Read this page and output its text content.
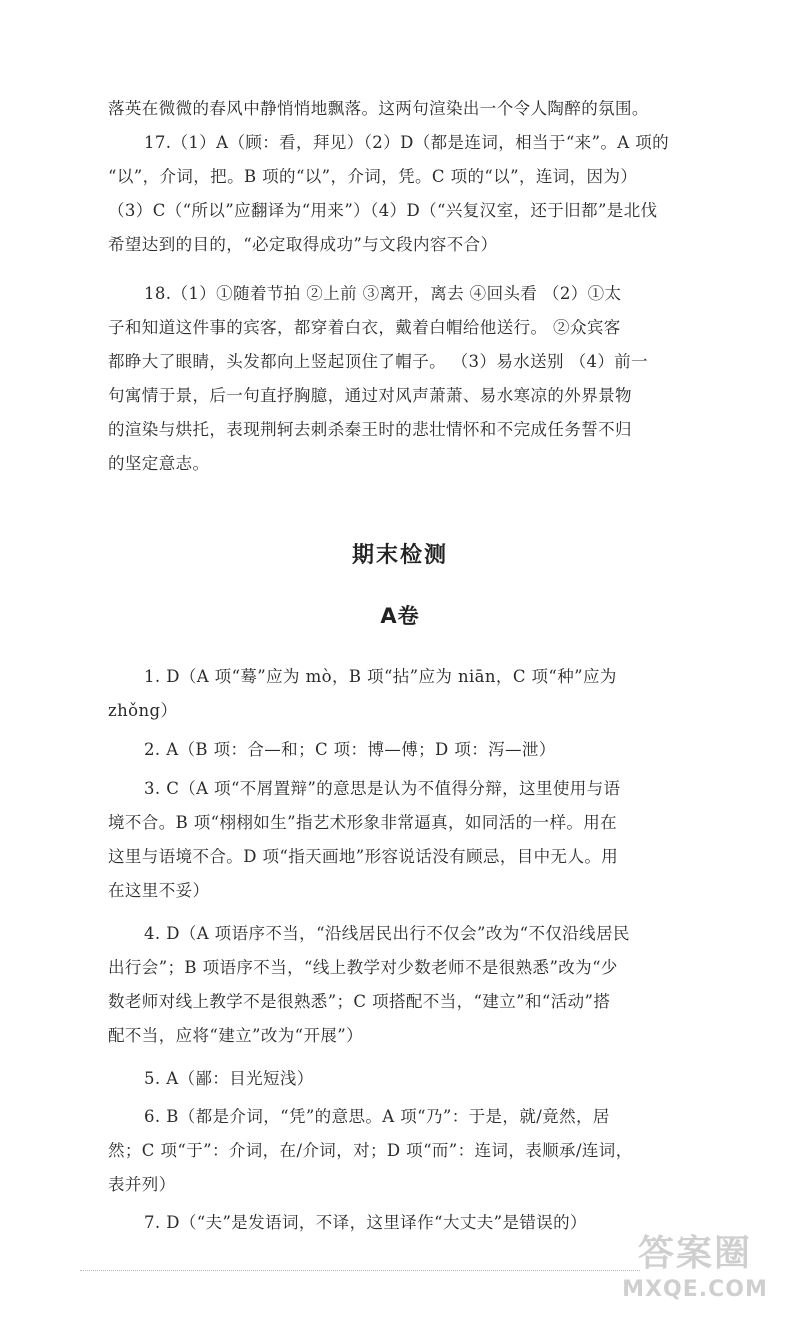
落英在微微的春风中静悄悄地飘落。这两句渲染出一个令人陶醉的氛围。
17.（1）A（顾：看，拜见）（2）D（都是连词，相当于“来”。A 项的
“以”，介词，把。B 项的“以”，介词，凭。C 项的“以”，连词，因为）
（3）C（“所以”应翻译为“用来”）（4）D（“兴复汉室，还于旧都”是北伐
希望达到的目的，“必定取得成功”与文段内容不合）

18.（1）①随着节拍 ②上前 ③离开，离去 ④回头看 （2）①太
子和知道这件事的宾客，都穿着白衣，戴着白帽给他送行。 ②众宾客
都睁大了眼睛，头发都向上竖起顶住了帽子。 （3）易水送别 （4）前一
句寓情于景，后一句直抒胸臆，通过对风声萧萧、易水寒凉的外界景物
的渲染与烘托，表现荆轲去刺杀秦王时的悲壮情怀和不完成任务誓不归
的坚定意志。

期末检测
A卷

1. D（A 项“蓦”应为 mò，B 项“拈”应为 niān，C 项“种”应为
zhǒng）

2. A（B 项：合—和；C 项：博—傅；D 项：泻—泄）

3. C（A 项“不屑置辩”的意思是认为不值得分辩，这里使用与语
境不合。B 项“栩栩如生”指艺术形象非常逼真，如同活的一样。用在
这里与语境不合。D 项“指天画地”形容说话没有顾忌，目中无人。用
在这里不妥）

4. D（A 项语序不当，“沿线居民出行不仅会”改为“不仅沿线居民
出行会”；B 项语序不当，“线上教学对少数老师不是很熟悉”改为“少
数老师对线上教学不是很熟悉”；C 项搭配不当，“建立”和“活动”搭
配不当，应将“建立”改为“开展”）

5. A（鄙：目光短浅）

6. B（都是介词，“凭”的意思。A 项“乃”：于是，就/竟然，居
然；C 项“于”：介词，在/介词，对；D 项“而”：连词，表顺承/连词，
表并列）

7. D（“夫”是发语词，不译，这里译作“大丈夫”是错误的）

答案圈
MXQE.COM
